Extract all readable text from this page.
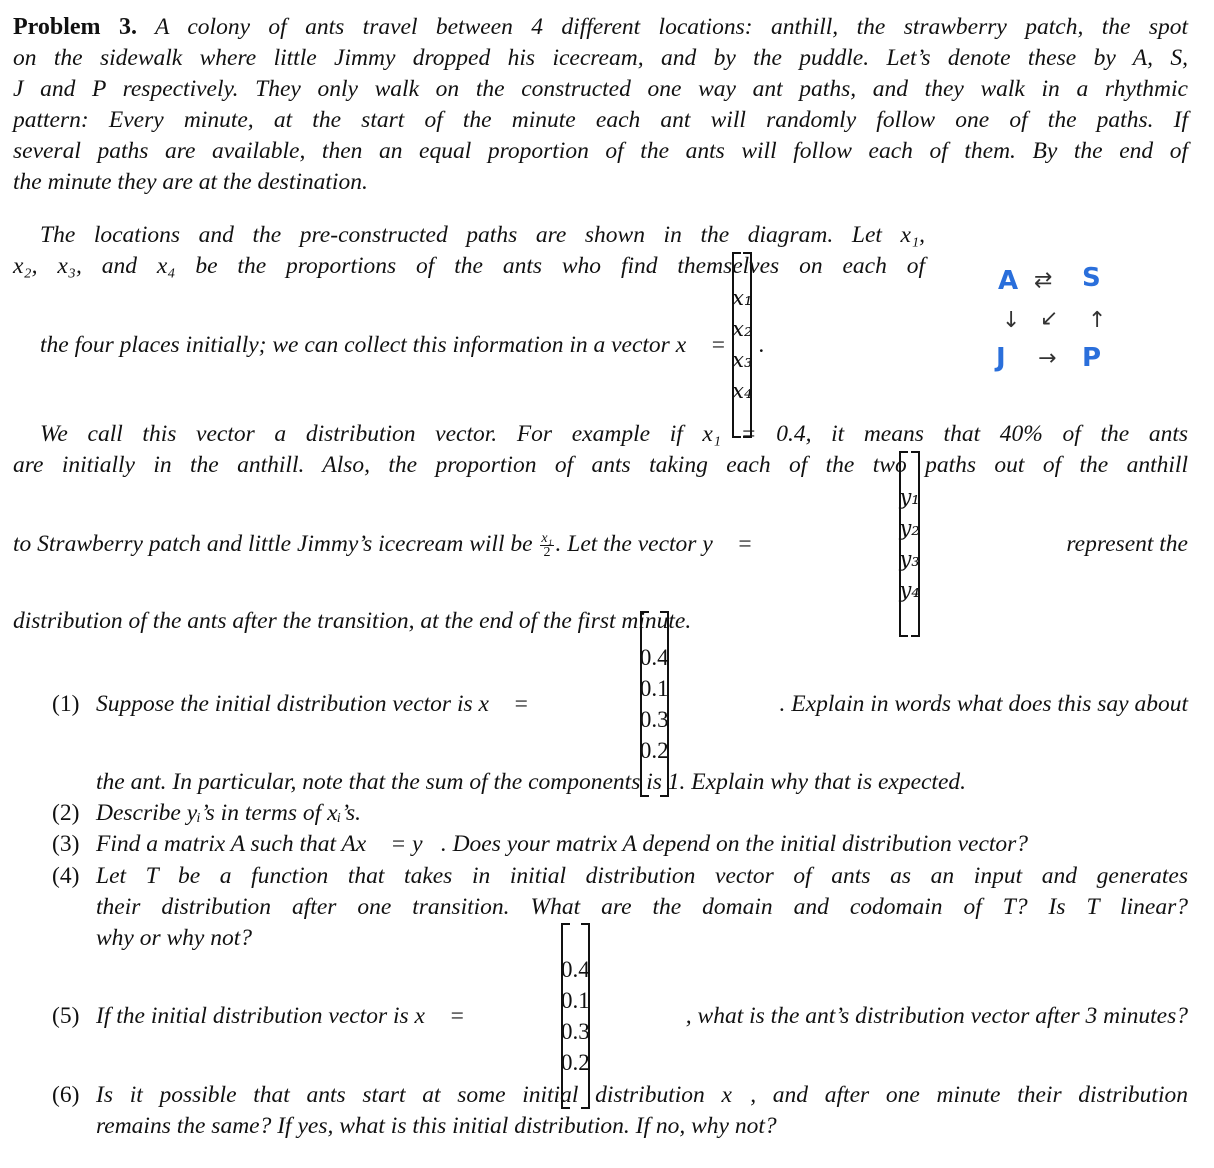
Problem 3. A colony of ants travel between 4 different locations: anthill, the strawberry patch, the spot
on the sidewalk where little Jimmy dropped his icecream, and by the puddle. Let’s denote these by A, S,
J and P respectively. They only walk on the constructed one way ant paths, and they walk in a rhythmic
pattern: Every minute, at the start of the minute each ant will randomly follow one of the paths. If
several paths are available, then an equal proportion of the ants will follow each of them. By the end of
the minute they are at the destination.
The locations and the pre-constructed paths are shown in the diagram. Let x₁,
x₂, x₃, and x₄ be the proportions of the ants who find themselves on each of
the four places initially; we can collect this information in a vector x⃗ =
x₁
x₂
x₃
x₄
.
A ⇄ S
↓ ↙ ↑
J → P
We call this vector a distribution vector. For example if x₁ = 0.4, it means that 40% of the ants
are initially in the anthill. Also, the proportion of ants taking each of the two paths out of the anthill
to Strawberry patch and little Jimmy’s icecream will be $\frac{\text{x₁}}{2}$ . Let the vector y⃗ =
y₁
y₂
y₃
y₄
represent the
distribution of the ants after the transition, at the end of the first minute.
(1) Suppose the initial distribution vector is x⃗ =
0.4
0.1
0.3
0.2
. Explain in words what does this say about
the ant. In particular, note that the sum of the components is 1. Explain why that is expected.
(2) Describe yᵢ’s in terms of xᵢ’s.
(3) Find a matrix A such that Ax⃗ = y⃗. Does your matrix A depend on the initial distribution vector?
(4) Let T be a function that takes in initial distribution vector of ants as an input and generates
their distribution after one transition. What are the domain and codomain of T? Is T linear?
why or why not?
(5) If the initial distribution vector is x⃗ =
0.4
0.1
0.3
0.2
, what is the ant’s distribution vector after 3 minutes?
(6) Is it possible that ants start at some initial distribution x⃗, and after one minute their distribution
remains the same? If yes, what is this initial distribution. If no, why not?
